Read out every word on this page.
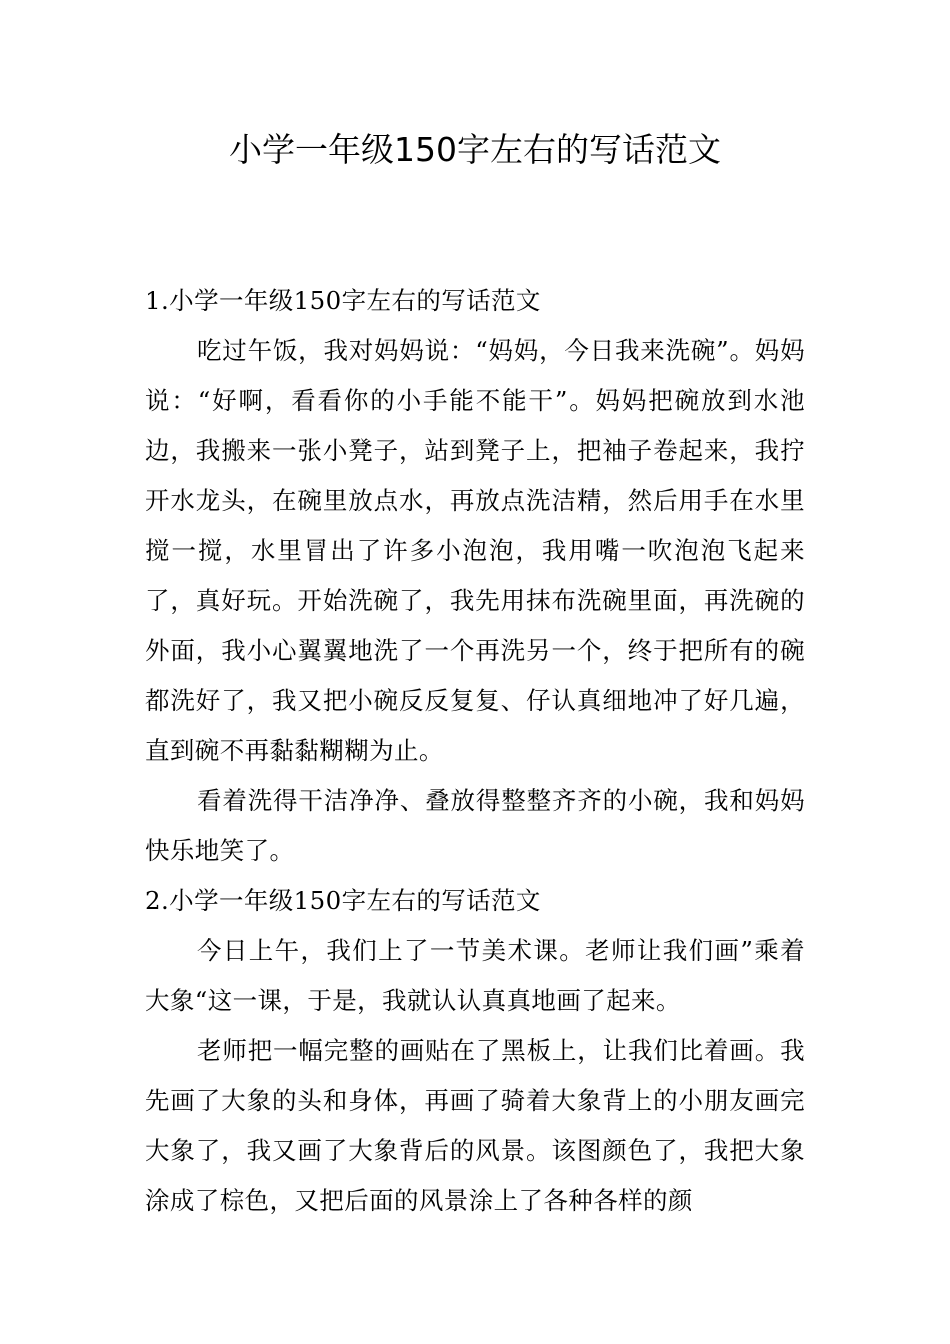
小学一年级150字左右的写话范文

1.小学一年级150字左右的写话范文

吃过午饭，我对妈妈说：“妈妈，今日我来洗碗”。妈妈说：“好啊，看看你的小手能不能干”。妈妈把碗放到水池边，我搬来一张小凳子，站到凳子上，把袖子卷起来，我拧开水龙头，在碗里放点水，再放点洗洁精，然后用手在水里搅一搅，水里冒出了许多小泡泡，我用嘴一吹泡泡飞起来了，真好玩。开始洗碗了，我先用抹布洗碗里面，再洗碗的外面，我小心翼翼地洗了一个再洗另一个，终于把所有的碗都洗好了，我又把小碗反反复复、仔认真细地冲了好几遍，直到碗不再黏黏糊糊为止。

看着洗得干洁净净、叠放得整整齐齐的小碗，我和妈妈快乐地笑了。

2.小学一年级150字左右的写话范文

今日上午，我们上了一节美术课。老师让我们画”乘着大象“这一课，于是，我就认认真真地画了起来。

老师把一幅完整的画贴在了黑板上，让我们比着画。我先画了大象的头和身体，再画了骑着大象背上的小朋友画完大象了，我又画了大象背后的风景。该图颜色了，我把大象涂成了棕色，又把后面的风景涂上了各种各样的颜
